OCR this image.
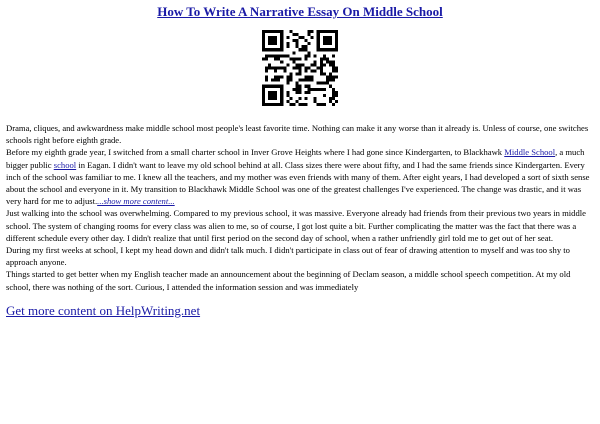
How To Write A Narrative Essay On Middle School

Drama, cliques, and awkwardness make middle school most people's least favorite time. Nothing can make it any worse than it already is. Unless of course, one switches schools right before eighth grade.

Before my eighth grade year, I switched from a small charter school in Inver Grove Heights where I had gone since Kindergarten, to Blackhawk Middle School, a much bigger public school in Eagan. I didn't want to leave my old school behind at all. Class sizes there were about fifty, and I had the same friends since Kindergarten. Every inch of the school was familiar to me. I knew all the teachers, and my mother was even friends with many of them. After eight years, I had developed a sort of sixth sense about the school and everyone in it. My transition to Blackhawk Middle School was one of the greatest challenges I've experienced. The change was drastic, and it was very hard for me to adjust....show more content...

Just walking into the school was overwhelming. Compared to my previous school, it was massive. Everyone already had friends from their previous two years in middle school. The system of changing rooms for every class was alien to me, so of course, I got lost quite a bit. Further complicating the matter was the fact that there was a different schedule every other day. I didn't realize that until first period on the second day of school, when a rather unfriendly girl told me to get out of her seat.

During my first weeks at school, I kept my head down and didn't talk much. I didn't participate in class out of fear of drawing attention to myself and was too shy to approach anyone.

Things started to get better when my English teacher made an announcement about the beginning of Declam season, a middle school speech competition. At my old school, there was nothing of the sort. Curious, I attended the information session and was immediately

Get more content on HelpWriting.net
